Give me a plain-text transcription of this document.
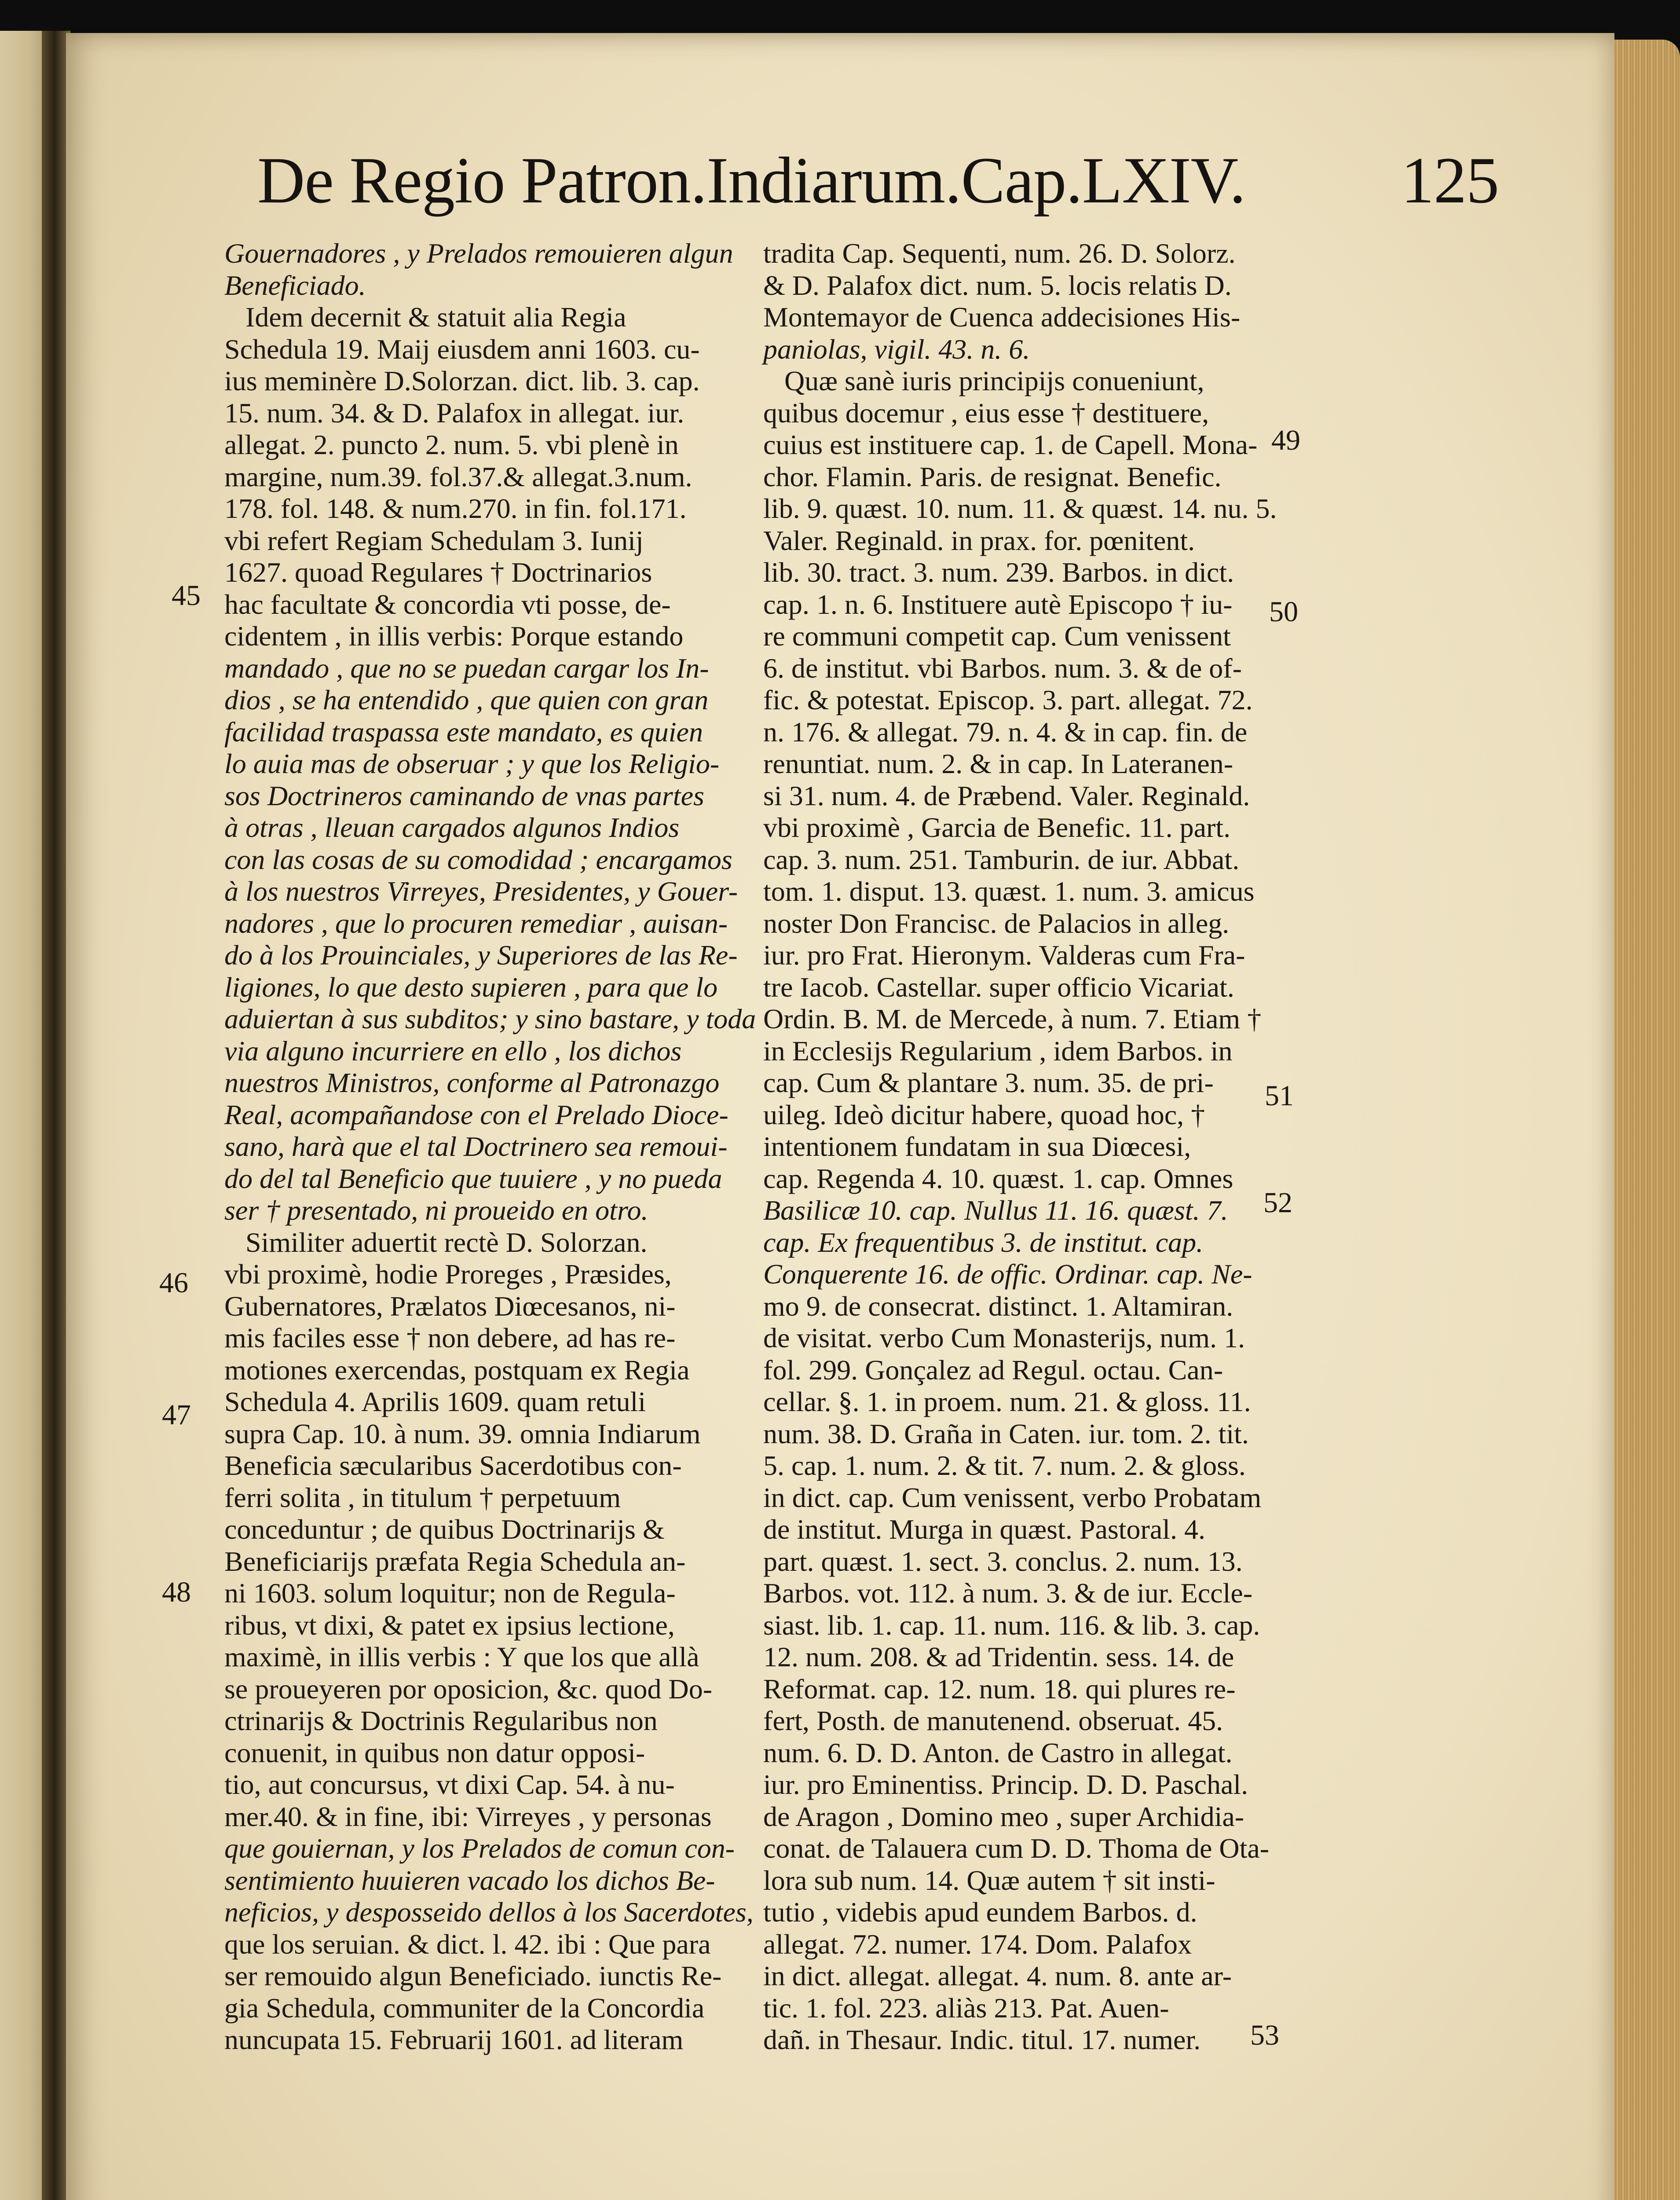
De Regio Patron.Indiarum.Cap.LXIV. 125
Gouernadores , y Prelados remouieren algun
Beneficiado.
Idem decernit & statuit alia Regia
Schedula 19. Maij eiusdem anni 1603. cu-
ius meminère D.Solorzan. dict. lib. 3. cap.
15. num. 34. & D. Palafox in allegat. iur.
allegat. 2. puncto 2. num. 5. vbi plenè in
margine, num.39. fol.37.& allegat.3.num.
178. fol. 148. & num.270. in fin. fol.171.
vbi refert Regiam Schedulam 3. Iunij
1627. quoad Regulares † Doctrinarios
hac facultate & concordia vti posse, de-
cidentem , in illis verbis: Porque estando
mandado , que no se puedan cargar los In-
dios , se ha entendido , que quien con gran
facilidad traspassa este mandato, es quien
lo auia mas de obseruar ; y que los Religio-
sos Doctrineros caminando de vnas partes
à otras , lleuan cargados algunos Indios
con las cosas de su comodidad ; encargamos
à los nuestros Virreyes, Presidentes, y Gouer-
nadores , que lo procuren remediar , auisan-
do à los Prouinciales, y Superiores de las Re-
ligiones, lo que desto supieren , para que lo
aduiertan à sus subditos; y sino bastare, y toda
via alguno incurriere en ello , los dichos
nuestros Ministros, conforme al Patronazgo
Real, acompañandose con el Prelado Dioce-
sano, harà que el tal Doctrinero sea remoui-
do del tal Beneficio que tuuiere , y no pueda
ser † presentado, ni proueido en otro.
Similiter aduertit rectè D. Solorzan.
vbi proximè, hodie Proreges , Præsides,
Gubernatores, Prælatos Diœcesanos, ni-
mis faciles esse † non debere, ad has re-
motiones exercendas, postquam ex Regia
Schedula 4. Aprilis 1609. quam retuli
supra Cap. 10. à num. 39. omnia Indiarum
Beneficia sæcularibus Sacerdotibus con-
ferri solita , in titulum † perpetuum
conceduntur ; de quibus Doctrinarijs &
Beneficiarijs præfata Regia Schedula an-
ni 1603. solum loquitur; non de Regula-
ribus, vt dixi, & patet ex ipsius lectione,
maximè, in illis verbis : Y que los que allà
se proueyeren por oposicion, &c. quod Do-
ctrinarijs & Doctrinis Regularibus non
conuenit, in quibus non datur opposi-
tio, aut concursus, vt dixi Cap. 54. à nu-
mer.40. & in fine, ibi: Virreyes , y personas
que gouiernan, y los Prelados de comun con-
sentimiento huuieren vacado los dichos Be-
neficios, y desposseido dellos à los Sacerdotes,
que los seruian. & dict. l. 42. ibi : Que para
ser remouido algun Beneficiado. iunctis Re-
gia Schedula, communiter de la Concordia
nuncupata 15. Februarij 1601. ad literam
tradita Cap. Sequenti, num. 26. D. Solorz.
& D. Palafox dict. num. 5. locis relatis D.
Montemayor de Cuenca addecisiones His-
paniolas, vigil. 43. n. 6.
Quæ sanè iuris principijs conueniunt,
quibus docemur , eius esse † destituere,
cuius est instituere cap. 1. de Capell. Mona-
chor. Flamin. Paris. de resignat. Benefic.
lib. 9. quæst. 10. num. 11. & quæst. 14. nu. 5.
Valer. Reginald. in prax. for. pœnitent.
lib. 30. tract. 3. num. 239. Barbos. in dict.
cap. 1. n. 6. Instituere autè Episcopo † iu-
re communi competit cap. Cum venissent
6. de institut. vbi Barbos. num. 3. & de of-
fic. & potestat. Episcop. 3. part. allegat. 72.
n. 176. & allegat. 79. n. 4. & in cap. fin. de
renuntiat. num. 2. & in cap. In Lateranen-
si 31. num. 4. de Præbend. Valer. Reginald.
vbi proximè , Garcia de Benefic. 11. part.
cap. 3. num. 251. Tamburin. de iur. Abbat.
tom. 1. disput. 13. quæst. 1. num. 3. amicus
noster Don Francisc. de Palacios in alleg.
iur. pro Frat. Hieronym. Valderas cum Fra-
tre Iacob. Castellar. super officio Vicariat.
Ordin. B. M. de Mercede, à num. 7. Etiam †
in Ecclesijs Regularium , idem Barbos. in
cap. Cum & plantare 3. num. 35. de pri-
uileg. Ideò dicitur habere, quoad hoc, †
intentionem fundatam in sua Diœcesi,
cap. Regenda 4. 10. quæst. 1. cap. Omnes
Basilicæ 10. cap. Nullus 11. 16. quæst. 7.
cap. Ex frequentibus 3. de institut. cap.
Conquerente 16. de offic. Ordinar. cap. Ne-
mo 9. de consecrat. distinct. 1. Altamiran.
de visitat. verbo Cum Monasterijs, num. 1.
fol. 299. Gonçalez ad Regul. octau. Can-
cellar. §. 1. in proem. num. 21. & gloss. 11.
num. 38. D. Graña in Caten. iur. tom. 2. tit.
5. cap. 1. num. 2. & tit. 7. num. 2. & gloss.
in dict. cap. Cum venissent, verbo Probatam
de institut. Murga in quæst. Pastoral. 4.
part. quæst. 1. sect. 3. conclus. 2. num. 13.
Barbos. vot. 112. à num. 3. & de iur. Eccle-
siast. lib. 1. cap. 11. num. 116. & lib. 3. cap.
12. num. 208. & ad Tridentin. sess. 14. de
Reformat. cap. 12. num. 18. qui plures re-
fert, Posth. de manutenend. obseruat. 45.
num. 6. D. D. Anton. de Castro in allegat.
iur. pro Eminentiss. Princip. D. D. Paschal.
de Aragon , Domino meo , super Archidia-
conat. de Talauera cum D. D. Thoma de Ota-
lora sub num. 14. Quæ autem † sit insti-
tutio , videbis apud eundem Barbos. d.
allegat. 72. numer. 174. Dom. Palafox
in dict. allegat. allegat. 4. num. 8. ante ar-
tic. 1. fol. 223. aliàs 213. Pat. Auen-
dañ. in Thesaur. Indic. titul. 17. numer.
45
46
47
48
49
50
51
52
53
